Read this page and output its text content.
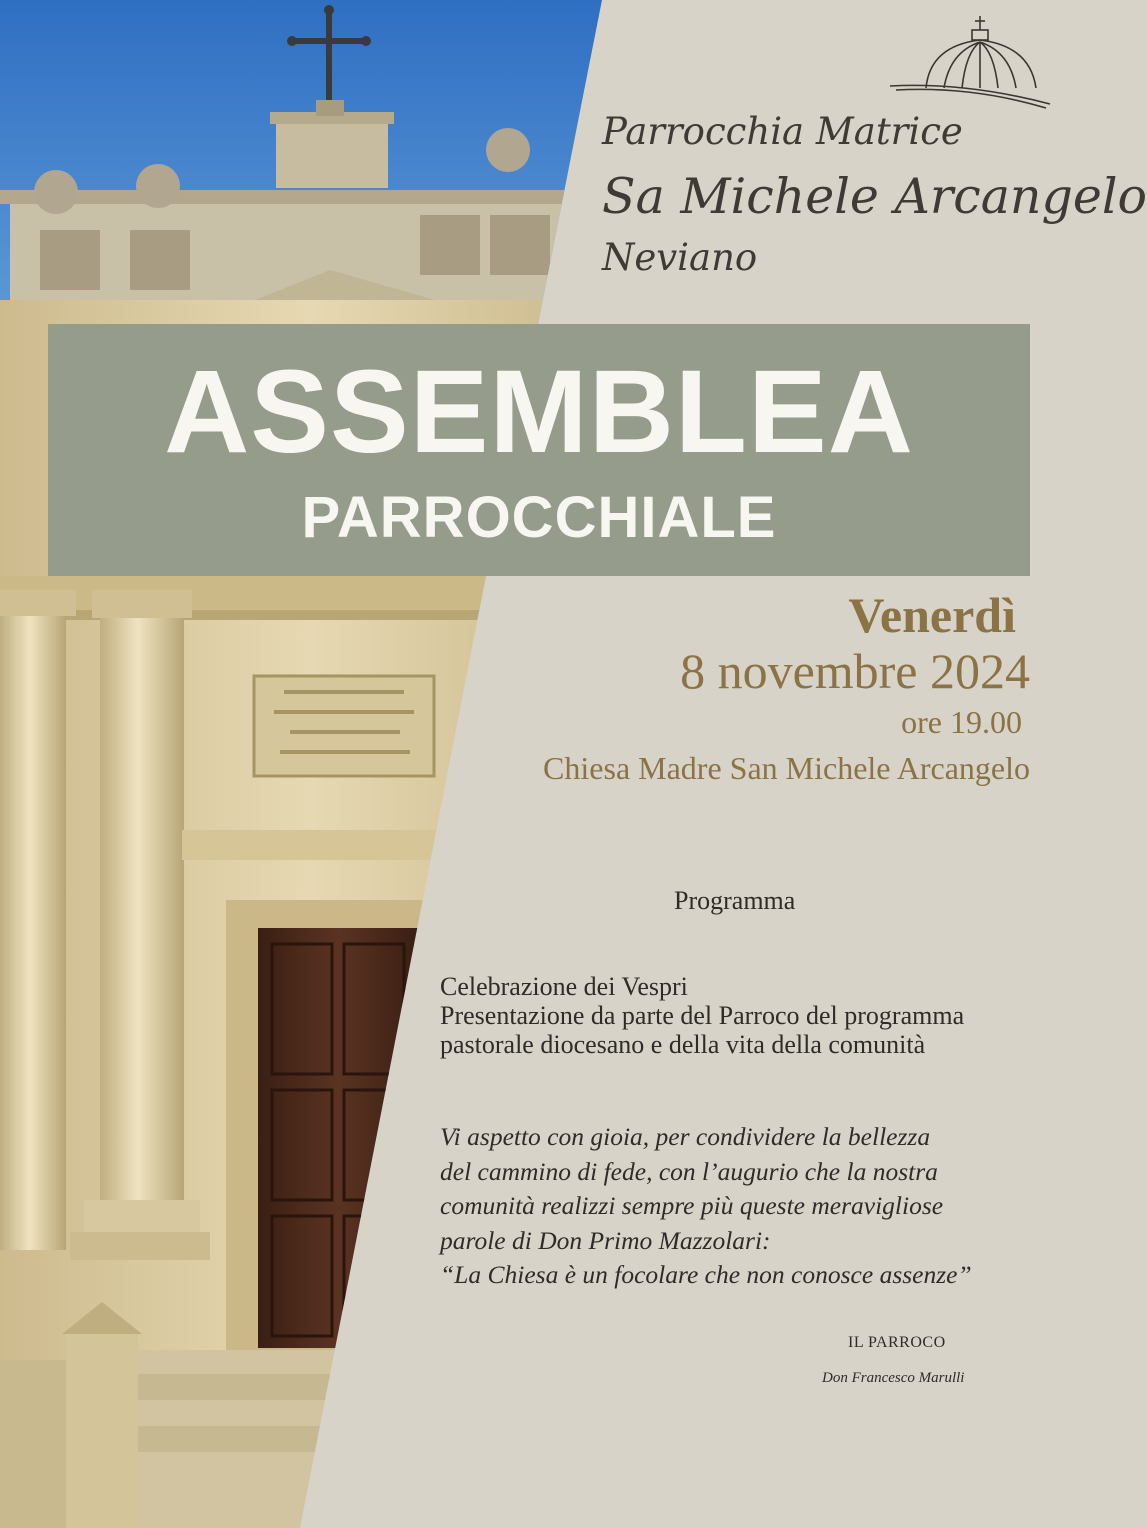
Parrocchia Matrice
Sa Michele Arcangelo
Neviano
ASSEMBLEA
PARROCCHIALE
Venerdì
8 novembre 2024
ore 19.00
Chiesa Madre San Michele Arcangelo
Programma
Celebrazione dei Vespri
Presentazione da parte del Parroco del programma
pastorale diocesano e della vita della comunità
Vi aspetto con gioia, per condividere la bellezza
del cammino di fede, con l’augurio che la nostra
comunità realizzi sempre più queste meravigliose
parole di Don Primo Mazzolari:
“La Chiesa è un focolare che non conosce assenze”
IL PARROCO
Don Francesco Marulli
